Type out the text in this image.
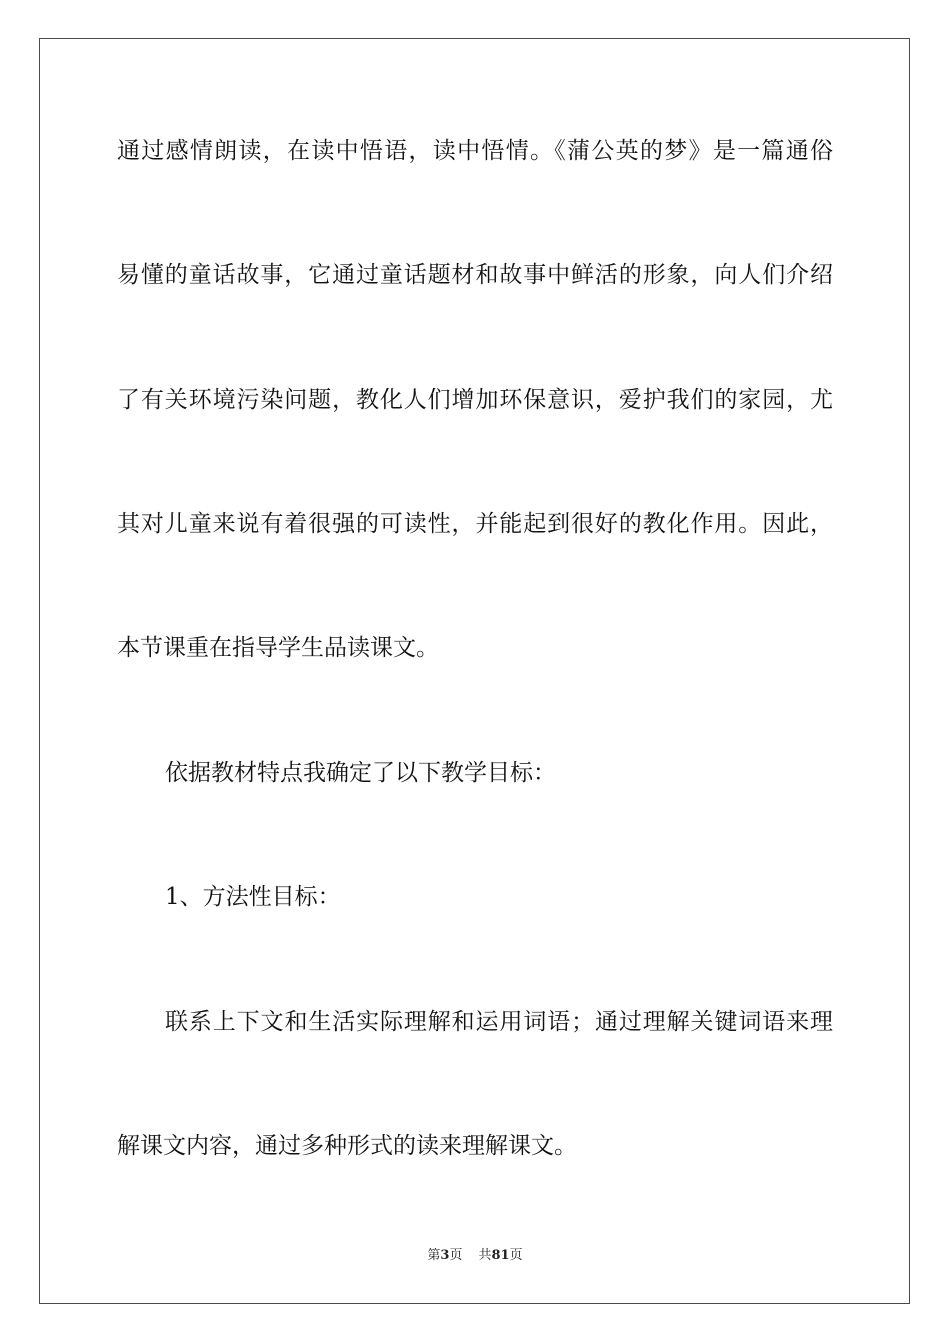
通过感情朗读，在读中悟语，读中悟情。《蒲公英的梦》是一篇通俗
易懂的童话故事，它通过童话题材和故事中鲜活的形象，向人们介绍
了有关环境污染问题，教化人们增加环保意识，爱护我们的家园，尤
其对儿童来说有着很强的可读性，并能起到很好的教化作用。因此，
本节课重在指导学生品读课文。
依据教材特点我确定了以下教学目标：
1、方法性目标：
联系上下文和生活实际理解和运用词语；通过理解关键词语来理
解课文内容，通过多种形式的读来理解课文。
第3页 共81页
